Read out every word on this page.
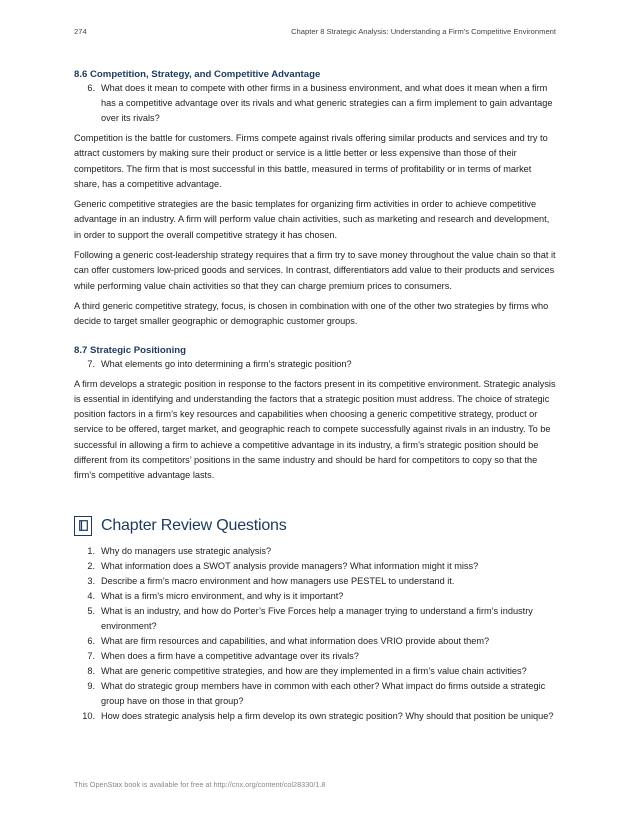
274	Chapter 8 Strategic Analysis: Understanding a Firm’s Competitive Environment
8.6 Competition, Strategy, and Competitive Advantage
6. What does it mean to compete with other firms in a business environment, and what does it mean when a firm has a competitive advantage over its rivals and what generic strategies can a firm implement to gain advantage over its rivals?

Competition is the battle for customers. Firms compete against rivals offering similar products and services and try to attract customers by making sure their product or service is a little better or less expensive than those of their competitors. The firm that is most successful in this battle, measured in terms of profitability or in terms of market share, has a competitive advantage.

Generic competitive strategies are the basic templates for organizing firm activities in order to achieve competitive advantage in an industry. A firm will perform value chain activities, such as marketing and research and development, in order to support the overall competitive strategy it has chosen.

Following a generic cost-leadership strategy requires that a firm try to save money throughout the value chain so that it can offer customers low-priced goods and services. In contrast, differentiators add value to their products and services while performing value chain activities so that they can charge premium prices to consumers.

A third generic competitive strategy, focus, is chosen in combination with one of the other two strategies by firms who decide to target smaller geographic or demographic customer groups.

8.7 Strategic Positioning
7. What elements go into determining a firm’s strategic position?

A firm develops a strategic position in response to the factors present in its competitive environment. Strategic analysis is essential in identifying and understanding the factors that a strategic position must address. The choice of strategic position factors in a firm’s key resources and capabilities when choosing a generic competitive strategy, product or service to be offered, target market, and geographic reach to compete successfully against rivals in an industry. To be successful in allowing a firm to achieve a competitive advantage in its industry, a firm’s strategic position should be different from its competitors’ positions in the same industry and should be hard for competitors to copy so that the firm’s competitive advantage lasts.

Chapter Review Questions
1. Why do managers use strategic analysis?
2. What information does a SWOT analysis provide managers? What information might it miss?
3. Describe a firm’s macro environment and how managers use PESTEL to understand it.
4. What is a firm’s micro environment, and why is it important?
5. What is an industry, and how do Porter’s Five Forces help a manager trying to understand a firm’s industry environment?
6. What are firm resources and capabilities, and what information does VRIO provide about them?
7. When does a firm have a competitive advantage over its rivals?
8. What are generic competitive strategies, and how are they implemented in a firm’s value chain activities?
9. What do strategic group members have in common with each other? What impact do firms outside a strategic group have on those in that group?
10. How does strategic analysis help a firm develop its own strategic position? Why should that position be unique?
This OpenStax book is available for free at http://cnx.org/content/col28330/1.8
